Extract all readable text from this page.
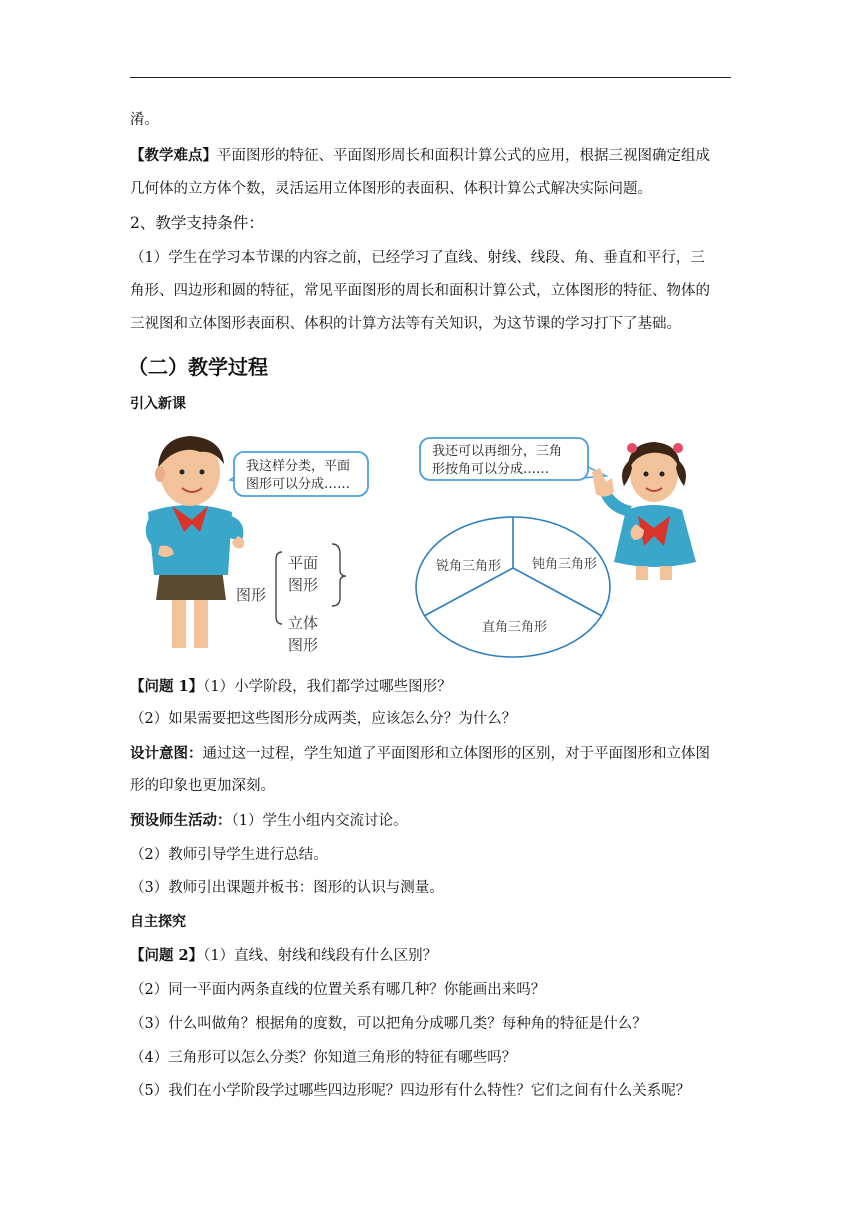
淆。
【教学难点】平面图形的特征、平面图形周长和面积计算公式的应用，根据三视图确定组成
几何体的立方体个数，灵活运用立体图形的表面积、体积计算公式解决实际问题。
2、教学支持条件：
（1）学生在学习本节课的内容之前，已经学习了直线、射线、线段、角、垂直和平行，三
角形、四边形和圆的特征，常见平面图形的周长和面积计算公式，立体图形的特征、物体的
三视图和立体图形表面积、体积的计算方法等有关知识，为这节课的学习打下了基础。
（二）教学过程
引入新课
我这样分类，平面
图形可以分成……
图形
平面
图形
立体
图形
我还可以再细分，三角
形按角可以分成……
锐角三角形 钝角三角形
直角三角形
【问题 1】（1）小学阶段，我们都学过哪些图形？
（2）如果需要把这些图形分成两类，应该怎么分？为什么？
设计意图：通过这一过程，学生知道了平面图形和立体图形的区别，对于平面图形和立体图
形的印象也更加深刻。
预设师生活动：（1）学生小组内交流讨论。
（2）教师引导学生进行总结。
（3）教师引出课题并板书：图形的认识与测量。
自主探究
【问题 2】（1）直线、射线和线段有什么区别？
（2）同一平面内两条直线的位置关系有哪几种？你能画出来吗？
（3）什么叫做角？根据角的度数，可以把角分成哪几类？每种角的特征是什么？
（4）三角形可以怎么分类？你知道三角形的特征有哪些吗？
（5）我们在小学阶段学过哪些四边形呢？四边形有什么特性？它们之间有什么关系呢？
